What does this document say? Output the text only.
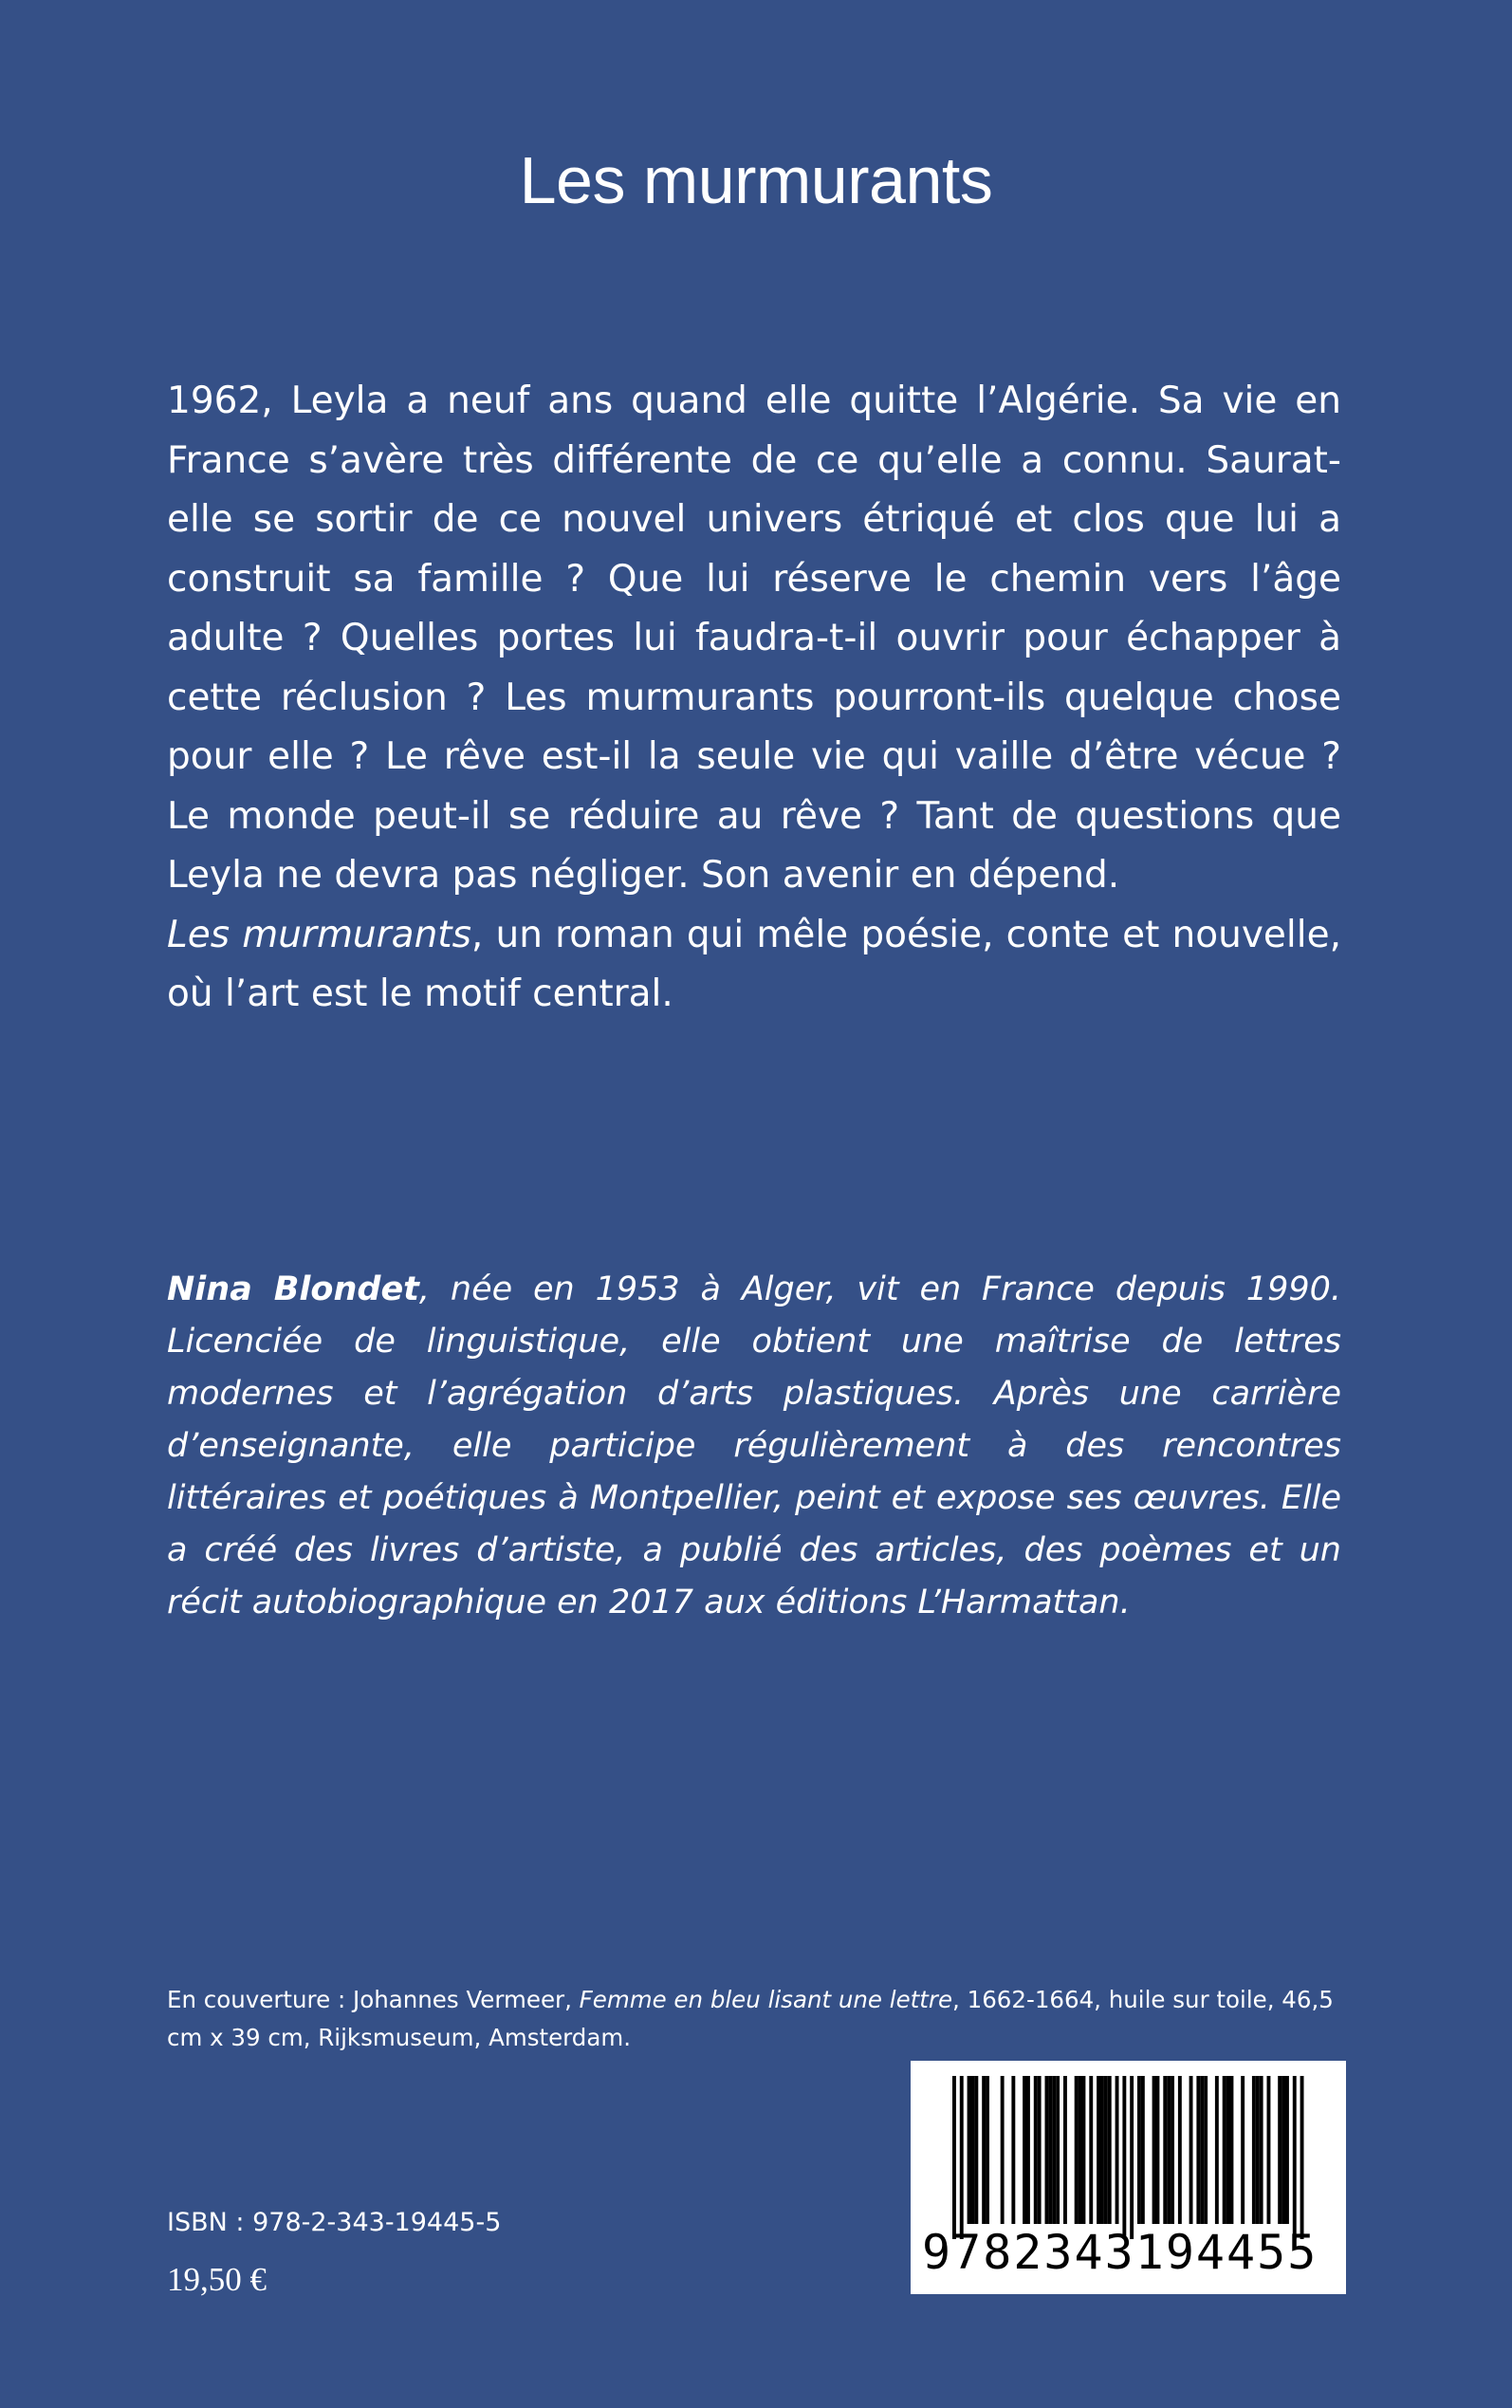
Les murmurants

1962, Leyla a neuf ans quand elle quitte l’Algérie. Sa vie en France s’avère très différente de ce qu’elle a connu. Saurat-elle se sortir de ce nouvel univers étriqué et clos que lui a construit sa famille ? Que lui réserve le chemin vers l’âge adulte ? Quelles portes lui faudra-t-il ouvrir pour échapper à cette réclusion ? Les murmurants pourront-ils quelque chose pour elle ? Le rêve est-il la seule vie qui vaille d’être vécue ? Le monde peut-il se réduire au rêve ? Tant de questions que Leyla ne devra pas négliger. Son avenir en dépend.

Les murmurants, un roman qui mêle poésie, conte et nouvelle, où l’art est le motif central.

Nina Blondet, née en 1953 à Alger, vit en France depuis 1990. Licenciée de linguistique, elle obtient une maîtrise de lettres modernes et l’agrégation d’arts plastiques. Après une carrière d’enseignante, elle participe régulièrement à des rencontres littéraires et poétiques à Montpellier, peint et expose ses œuvres. Elle a créé des livres d’artiste, a publié des articles, des poèmes et un récit autobiographique en 2017 aux éditions L’Harmattan.

En couverture : Johannes Vermeer, Femme en bleu lisant une lettre, 1662-1664, huile sur toile, 46,5 cm x 39 cm, Rijksmuseum, Amsterdam.

ISBN : 978-2-343-19445-5
19,50 €	9782343194455
